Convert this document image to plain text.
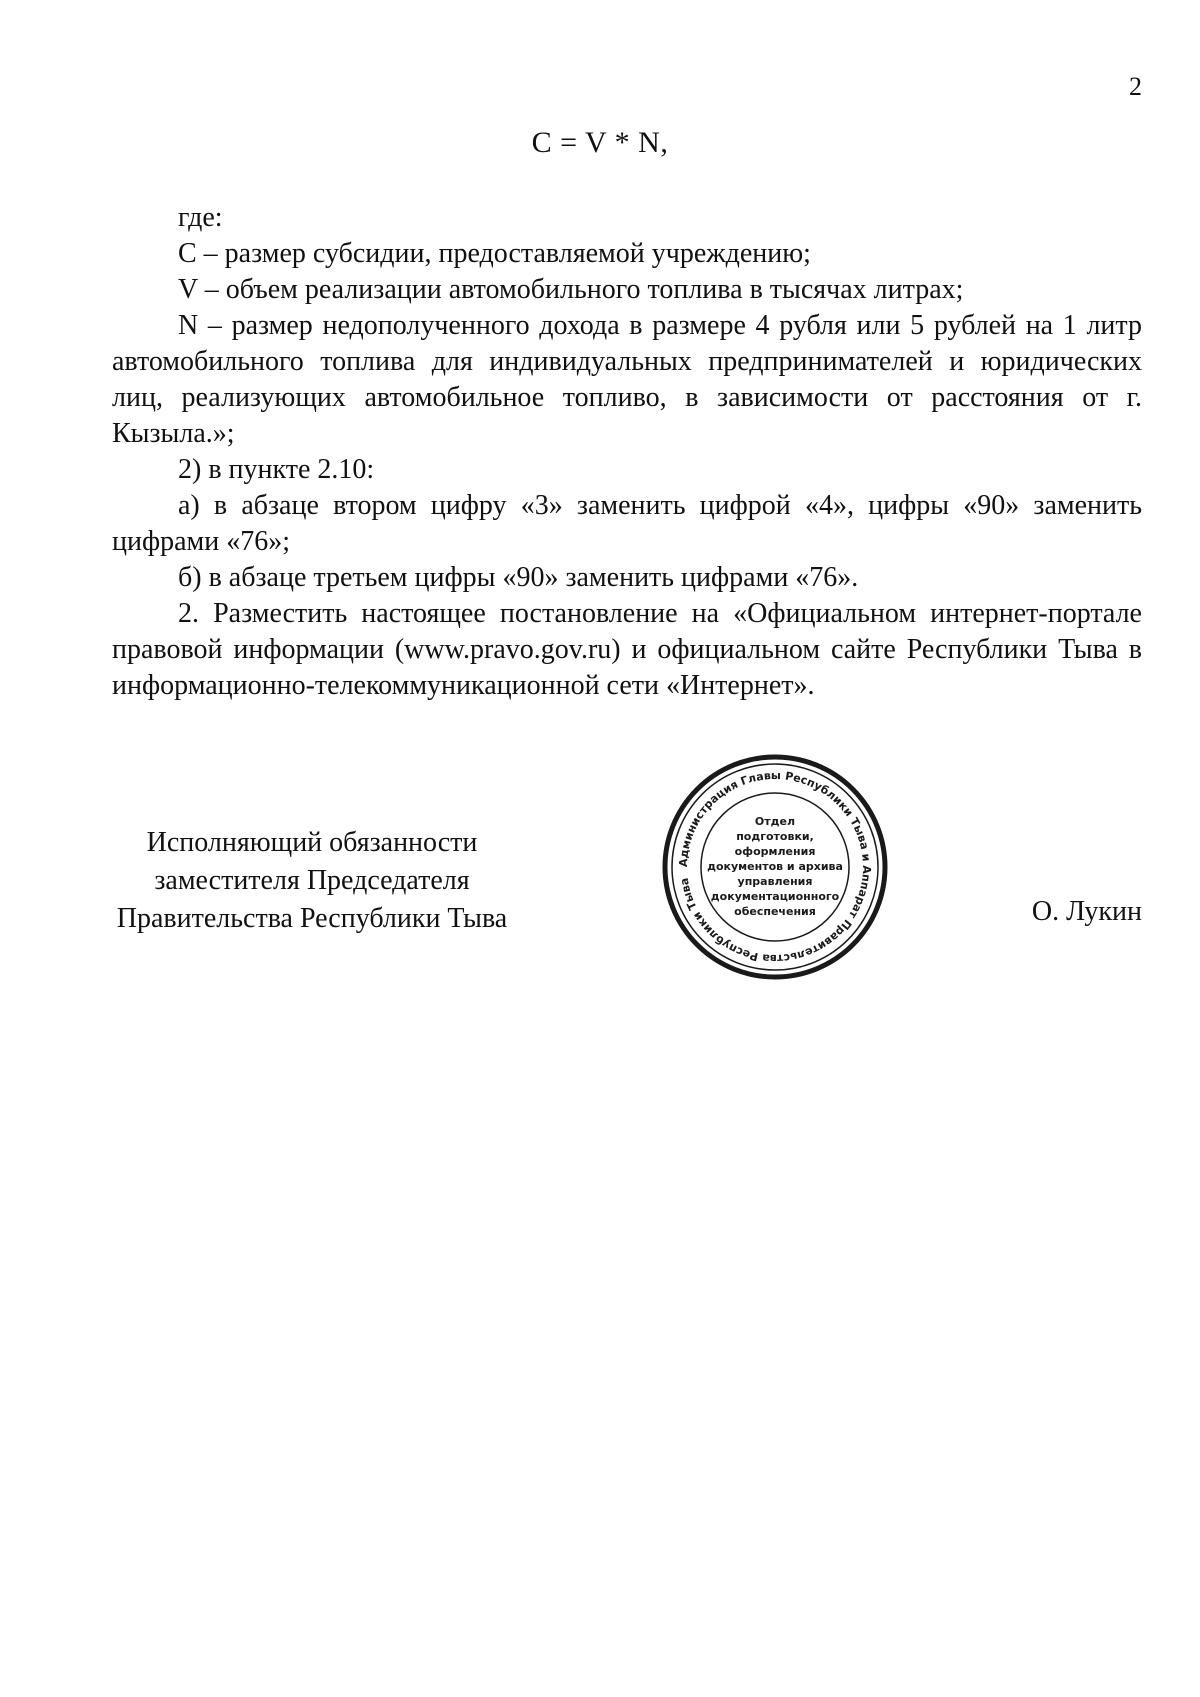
2
C = V * N,

где:

С – размер субсидии, предоставляемой учреждению;

V – объем реализации автомобильного топлива в тысячах литрах;

N – размер недополученного дохода в размере 4 рубля или 5 рублей на 1 литр автомобильного топлива для индивидуальных предпринимателей и юридических лиц, реализующих автомобильное топливо, в зависимости от расстояния от г. Кызыла.»;

2) в пункте 2.10:

а) в абзаце втором цифру «3» заменить цифрой «4», цифры «90» заменить цифрами «76»;

б) в абзаце третьем цифры «90» заменить цифрами «76».

2. Разместить настоящее постановление на «Официальном интернет-портале правовой информации (www.pravo.gov.ru) и официальном сайте Республики Тыва в информационно-телекоммуникационной сети «Интернет».

Исполняющий обязанности
заместителя Председателя
Правительства Республики Тыва
Администрация Главы Республики Тыва и Аппарат Правительства Республики Тыва
Отдел
подготовки,
оформления
документов и архива
управления
документационного
обеспечения	О. Лукин
